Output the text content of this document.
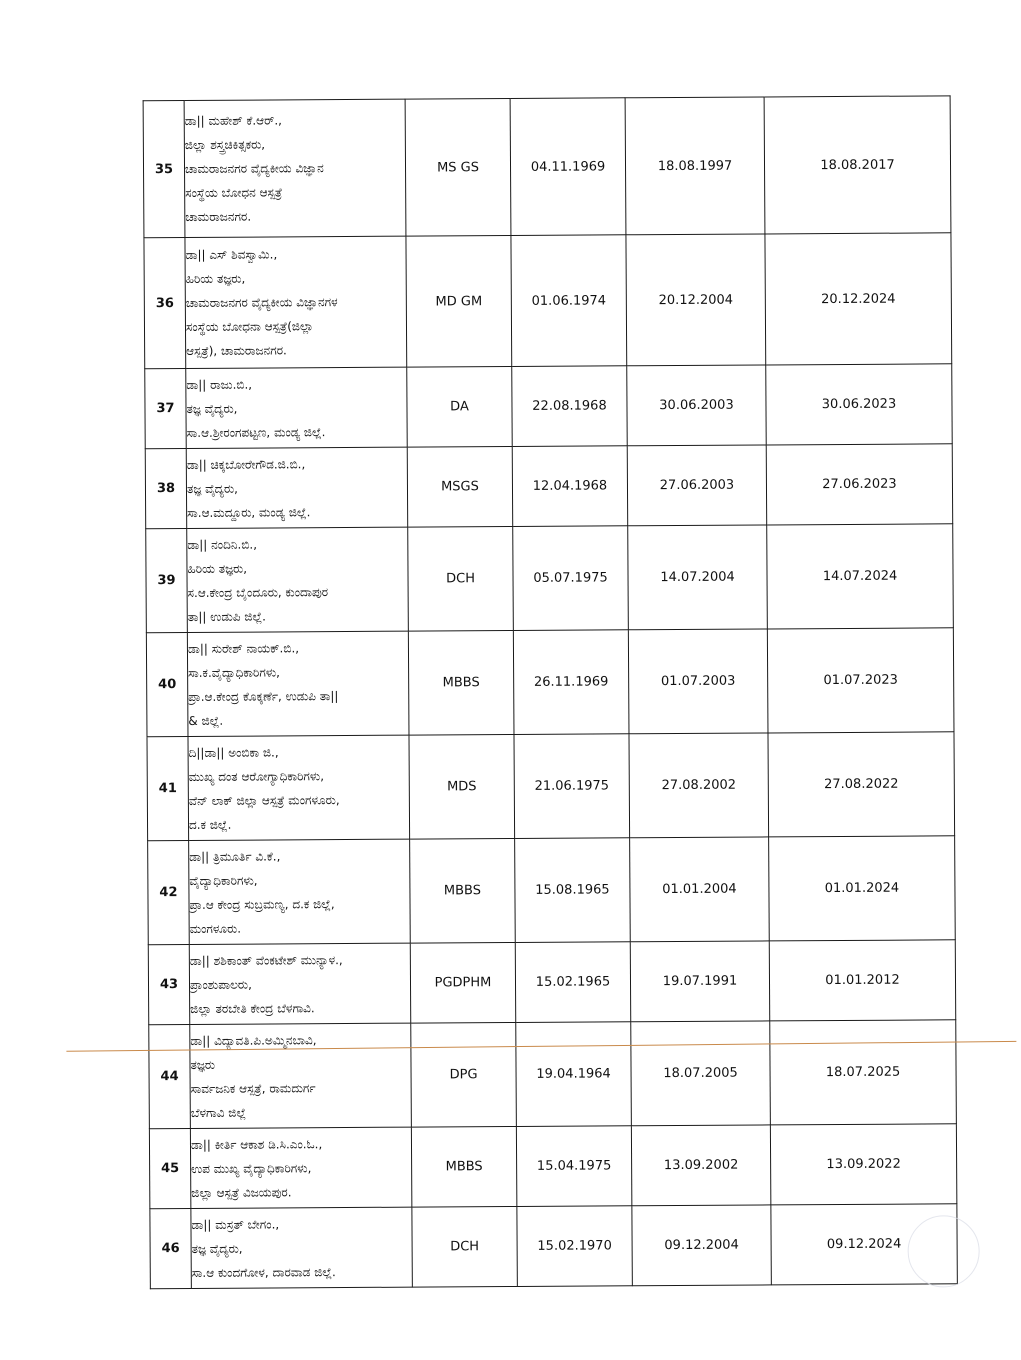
35	ಡಾ|| ಮಹೇಶ್ ಕೆ.ಆರ್.,
ಜಿಲ್ಲಾ ಶಸ್ತ್ರಚಿಕಿತ್ಸಕರು,
ಚಾಮರಾಜನಗರ ವೈದ್ಯಕೀಯ ವಿಜ್ಞಾನ
ಸಂಸ್ಥೆಯ ಬೋಧನ ಆಸ್ಪತ್ರೆ
ಚಾಮರಾಜನಗರ.	MS GS	04.11.1969	18.08.1997	18.08.2017
36	ಡಾ|| ಎಸ್ ಶಿವಸ್ವಾಮಿ.,
ಹಿರಿಯ ತಜ್ಞರು,
ಚಾಮರಾಜನಗರ ವೈದ್ಯಕೀಯ ವಿಜ್ಞಾನಗಳ
ಸಂಸ್ಥೆಯ ಬೋಧನಾ ಆಸ್ಪತ್ರೆ(ಜಿಲ್ಲಾ
ಆಸ್ಪತ್ರೆ), ಚಾಮರಾಜನಗರ.	MD GM	01.06.1974	20.12.2004	20.12.2024
37	ಡಾ|| ರಾಜು.ಬಿ.,
ತಜ್ಞ ವೈದ್ಯರು,
ಸಾ.ಆ.ಶ್ರೀರಂಗಪಟ್ಟಣ, ಮಂಡ್ಯ ಜಿಲ್ಲೆ.	DA	22.08.1968	30.06.2003	30.06.2023
38	ಡಾ|| ಚಿಕ್ಕಬೋರೇಗೌಡ.ಜಿ.ಬಿ.,
ತಜ್ಞ ವೈದ್ಯರು,
ಸಾ.ಆ.ಮದ್ದೂರು, ಮಂಡ್ಯ ಜಿಲ್ಲೆ.	MSGS	12.04.1968	27.06.2003	27.06.2023
39	ಡಾ|| ನಂದಿನಿ.ಬಿ.,
ಹಿರಿಯ ತಜ್ಞರು,
ಸ.ಆ.ಕೇಂದ್ರ ಬೈಂದೂರು, ಕುಂದಾಪುರ
ತಾ|| ಉಡುಪಿ ಜಿಲ್ಲೆ.	DCH	05.07.1975	14.07.2004	14.07.2024
40	ಡಾ|| ಸುರೇಶ್ ನಾಯಕ್.ಬಿ.,
ಸಾ.ಕ.ವೈದ್ಯಾಧಿಕಾರಿಗಳು,
ಪ್ರಾ.ಆ.ಕೇಂದ್ರ ಕೊಕ್ಕರ್ಣೆ, ಉಡುಪಿ ತಾ||
& ಜಿಲ್ಲೆ.	MBBS	26.11.1969	01.07.2003	01.07.2023
41	ದಿ||ಡಾ|| ಅಂಬಿಕಾ ಜಿ.,
ಮುಖ್ಯ ದಂತ ಆರೋಗ್ಯಾಧಿಕಾರಿಗಳು,
ವೆನ್ ಲಾಕ್ ಜಿಲ್ಲಾ ಆಸ್ಪತ್ರೆ ಮಂಗಳೂರು,
ದ.ಕ ಜಿಲ್ಲೆ.	MDS	21.06.1975	27.08.2002	27.08.2022
42	ಡಾ|| ತ್ರಿಮೂರ್ತಿ ವಿ.ಕೆ.,
ವೈದ್ಯಾಧಿಕಾರಿಗಳು,
ಪ್ರಾ.ಆ ಕೇಂದ್ರ ಸುಬ್ರಮಣ್ಯ, ದ.ಕ ಜಿಲ್ಲೆ,
ಮಂಗಳೂರು.	MBBS	15.08.1965	01.01.2004	01.01.2024
43	ಡಾ|| ಶಶಿಕಾಂತ್ ವೆಂಕಟೇಶ್ ಮುನ್ಯಾಳ.,
ಪ್ರಾಂಶುಪಾಲರು,
ಜಿಲ್ಲಾ ತರಬೇತಿ ಕೇಂದ್ರ ಬೆಳಗಾವಿ.	PGDPHM	15.02.1965	19.07.1991	01.01.2012
44	ಡಾ|| ವಿದ್ಯಾವತಿ.ಪಿ.ಅಮ್ಮಿನಬಾವಿ,
ತಜ್ಞರು
ಸಾರ್ವಜನಿಕ ಆಸ್ಪತ್ರೆ, ರಾಮದುರ್ಗ
ಬೆಳಗಾವಿ ಜಿಲ್ಲೆ	DPG	19.04.1964	18.07.2005	18.07.2025
45	ಡಾ|| ಕೀರ್ತಿ ಆಕಾಶ ಡಿ.ಸಿ.ಎಂ.ಓ.,
ಉಪ ಮುಖ್ಯ ವೈದ್ಯಾಧಿಕಾರಿಗಳು,
ಜಿಲ್ಲಾ ಆಸ್ಪತ್ರೆ ವಿಜಯಪುರ.	MBBS	15.04.1975	13.09.2002	13.09.2022
46	ಡಾ|| ಮಸ್ರತ್ ಬೇಗಂ.,
ತಜ್ಞ ವೈದ್ಯರು,
ಸಾ.ಆ ಕುಂದಗೋಳ, ದಾರವಾಡ ಜಿಲ್ಲೆ.	DCH	15.02.1970	09.12.2004	09.12.2024
